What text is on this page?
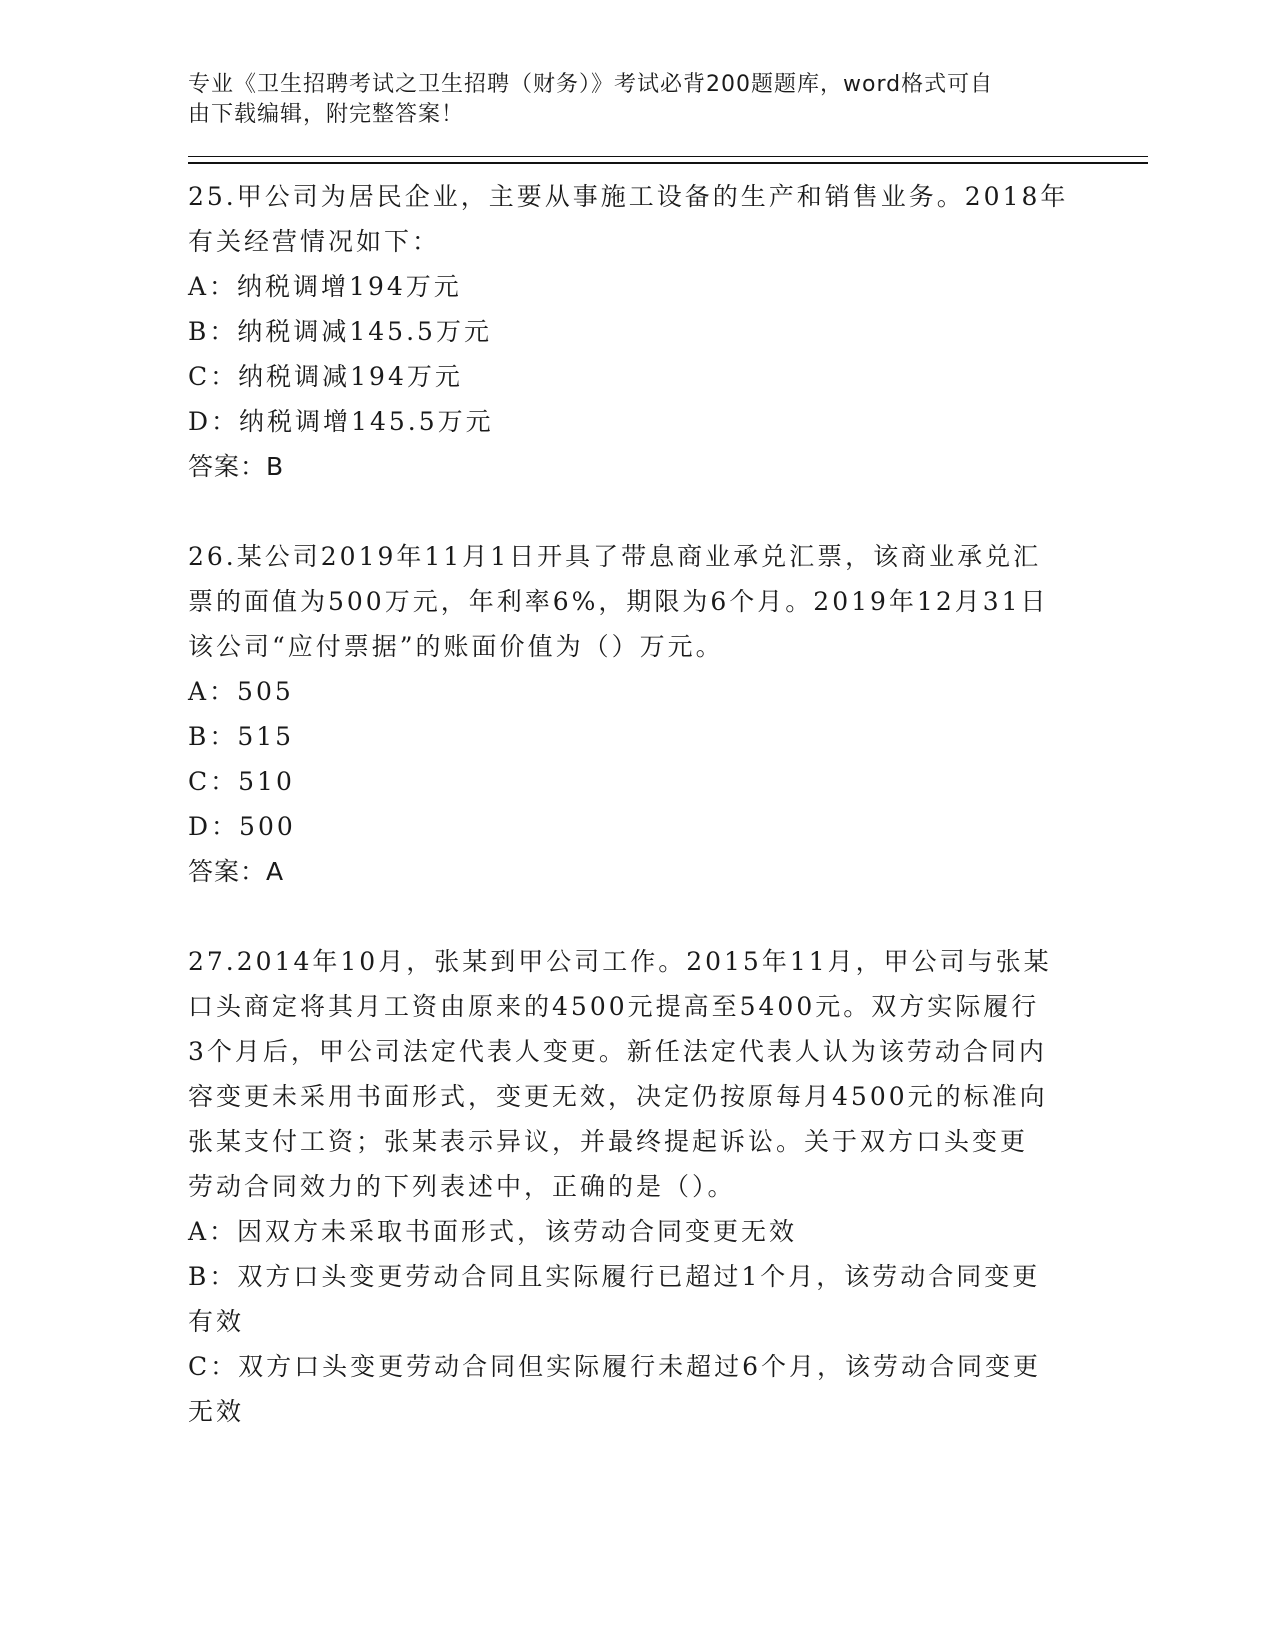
专业《卫生招聘考试之卫生招聘（财务）》考试必背200题题库，word格式可自
由下载编辑，附完整答案！
25.甲公司为居民企业，主要从事施工设备的生产和销售业务。2018年
有关经营情况如下：
A：纳税调增194万元
B：纳税调减145.5万元
C：纳税调减194万元
D：纳税调增145.5万元
答案：B
26.某公司2019年11月1日开具了带息商业承兑汇票，该商业承兑汇
票的面值为500万元，年利率6%，期限为6个月。2019年12月31日
该公司“应付票据”的账面价值为（）万元。
A：505
B：515
C：510
D：500
答案：A
27.2014年10月，张某到甲公司工作。2015年11月，甲公司与张某
口头商定将其月工资由原来的4500元提高至5400元。双方实际履行
3个月后，甲公司法定代表人变更。新任法定代表人认为该劳动合同内
容变更未采用书面形式，变更无效，决定仍按原每月4500元的标准向
张某支付工资；张某表示异议，并最终提起诉讼。关于双方口头变更
劳动合同效力的下列表述中，正确的是（）。
A：因双方未采取书面形式，该劳动合同变更无效
B：双方口头变更劳动合同且实际履行已超过1个月，该劳动合同变更
有效
C：双方口头变更劳动合同但实际履行未超过6个月，该劳动合同变更
无效
